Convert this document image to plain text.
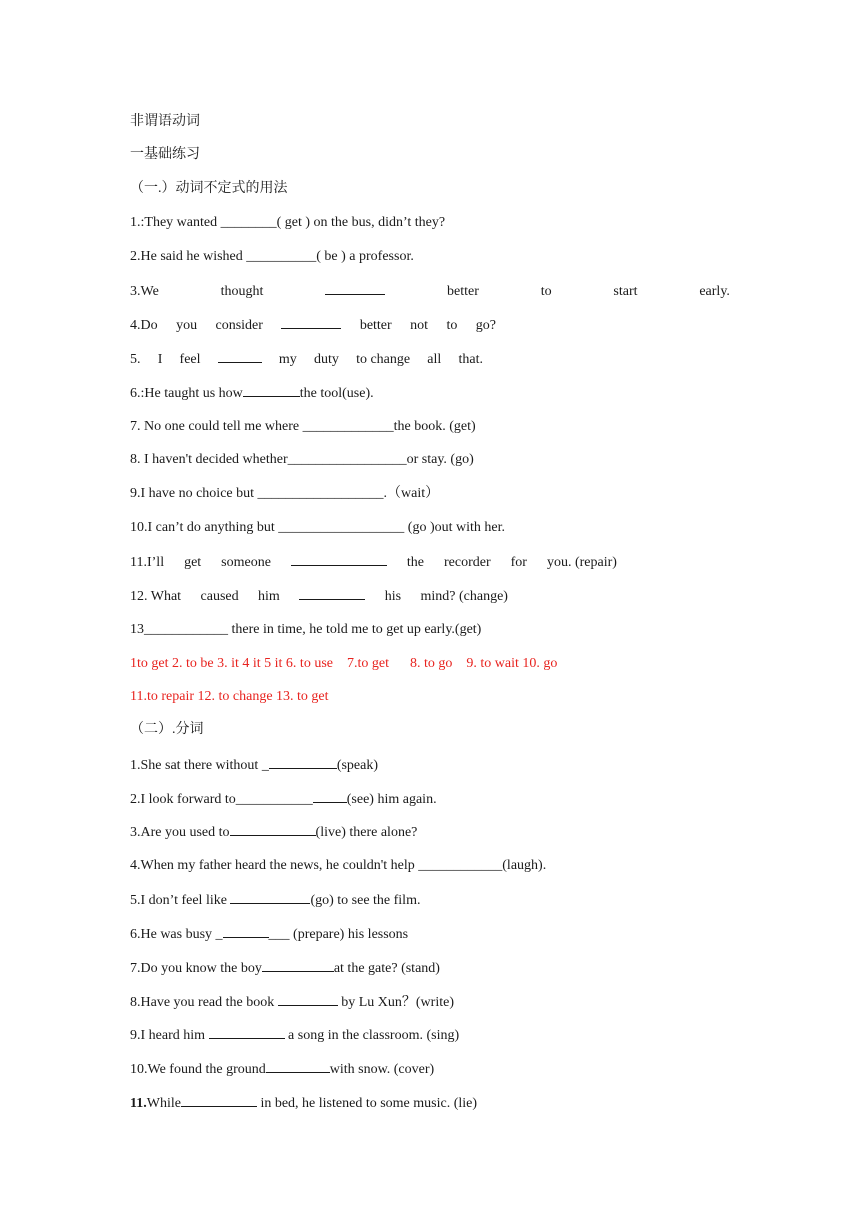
非谓语动词
一基础练习
（一.）动词不定式的用法
1.:They wanted ________( get ) on the bus, didn’t they?
2.He said he wished __________( be ) a professor.
3.We	thought	better	to	start	early.
4.Do you consider	better not to go?
5. I feel	my duty to change all that.
6.:He taught us how	the tool(use).
7. No one could tell me where _____________the book. (get)
8. I haven't decided whether_________________or stay. (go)
9.I have no choice but __________________.（wait）
10.I can’t do anything but __________________ (go )out with her.
11.I’ll get someone	the recorder for you. (repair)
12. What caused him	his mind? (change)
13____________ there in time, he told me to get up early.(get)
1to get 2. to be 3. it 4 it 5 it 6. to use    7.to get      8. to go    9. to wait 10. go
11.to repair 12. to change 13. to get
（二）.分词
1.She sat there without _	(speak)
2.I look forward to___________ (see) him again.
3.Are you used to	(live) there alone?
4.When my father heard the news, he couldn't help ____________(laugh).
5.I don’t feel like	(go) to see the film.
6.He was busy _	___ (prepare) his lessons
7.Do you know the boy	at the gate? (stand)
8.Have you read the book	by Lu Xun？(write)
9.I heard him	a song in the classroom. (sing)
10.We found the ground	with snow. (cover)
11.While	in bed, he listened to some music. (lie)
